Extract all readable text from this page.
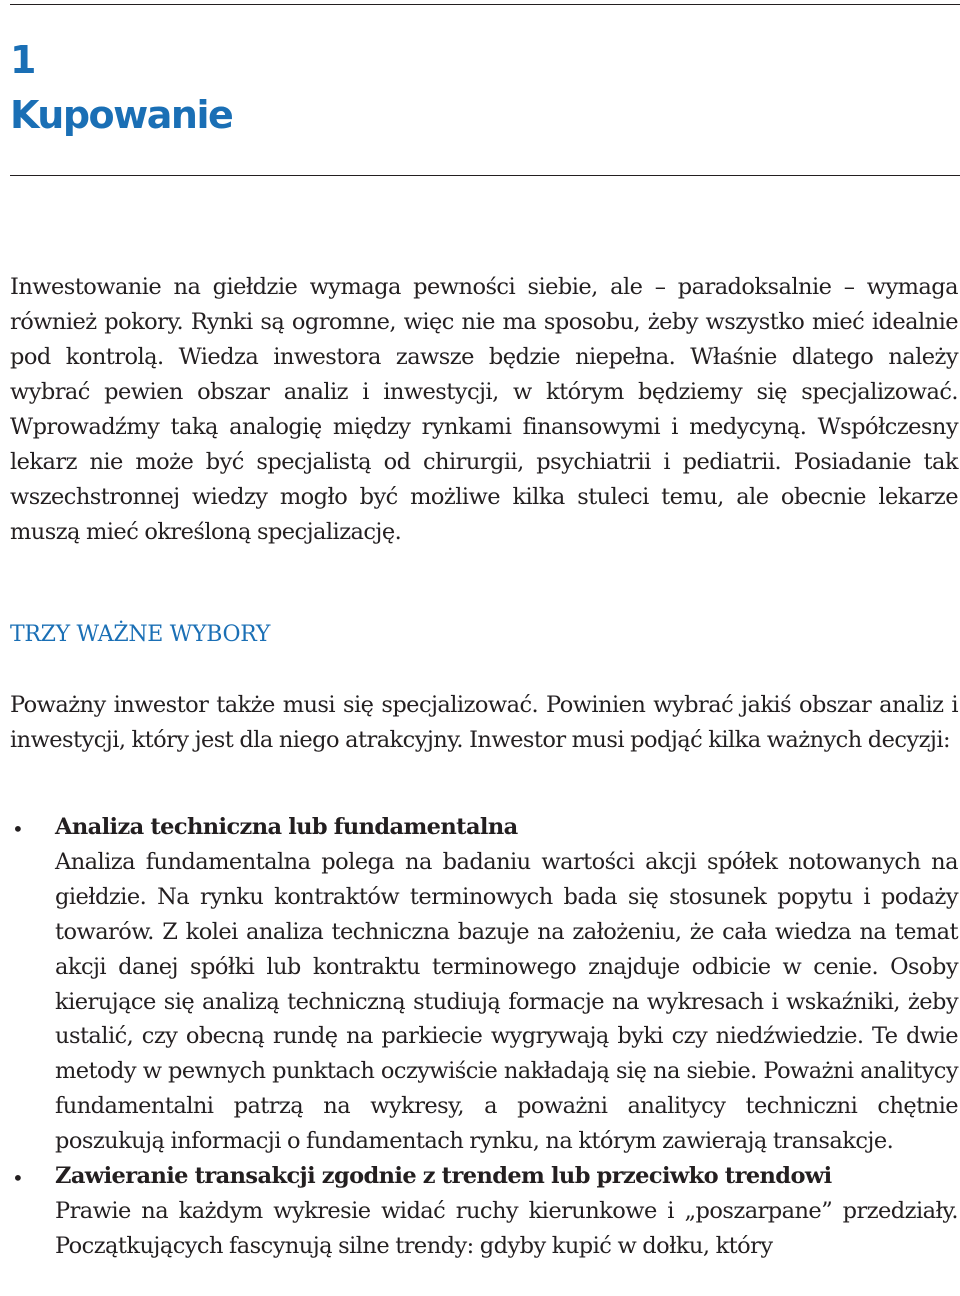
1
Kupowanie

Inwestowanie na giełdzie wymaga pewności siebie, ale – paradoksalnie – wymaga również pokory. Rynki są ogromne, więc nie ma sposobu, żeby wszystko mieć idealnie pod kontrolą. Wiedza inwestora zawsze będzie niepełna. Właśnie dlatego należy wybrać pewien obszar analiz i inwestycji, w którym będziemy się specjalizować. Wprowadźmy taką analogię między rynkami finansowymi i medycyną. Współczesny lekarz nie może być specjalistą od chirurgii, psychiatrii i pediatrii. Posiadanie tak wszechstronnej wiedzy mogło być możliwe kilka stuleci temu, ale obecnie lekarze muszą mieć określoną specjalizację.

TRZY WAŻNE WYBORY

Poważny inwestor także musi się specjalizować. Powinien wybrać jakiś obszar analiz i inwestycji, który jest dla niego atrakcyjny. Inwestor musi podjąć kilka ważnych decyzji:

• Analiza techniczna lub fundamentalna
Analiza fundamentalna polega na badaniu wartości akcji spółek notowanych na giełdzie. Na rynku kontraktów terminowych bada się stosunek popytu i podaży towarów. Z kolei analiza techniczna bazuje na założeniu, że cała wiedza na temat akcji danej spółki lub kontraktu terminowego znajduje odbicie w cenie. Osoby kierujące się analizą techniczną studiują formacje na wykresach i wskaźniki, żeby ustalić, czy obecną rundę na parkiecie wygrywają byki czy niedźwiedzie. Te dwie metody w pewnych punktach oczywiście nakładają się na siebie. Poważni analitycy fundamentalni patrzą na wykresy, a poważni analitycy techniczni chętnie poszukują informacji o fundamentach rynku, na którym zawierają transakcje.
• Zawieranie transakcji zgodnie z trendem lub przeciwko trendowi
Prawie na każdym wykresie widać ruchy kierunkowe i „poszarpane” przedziały. Początkujących fascynują silne trendy: gdyby kupić w dołku, który
